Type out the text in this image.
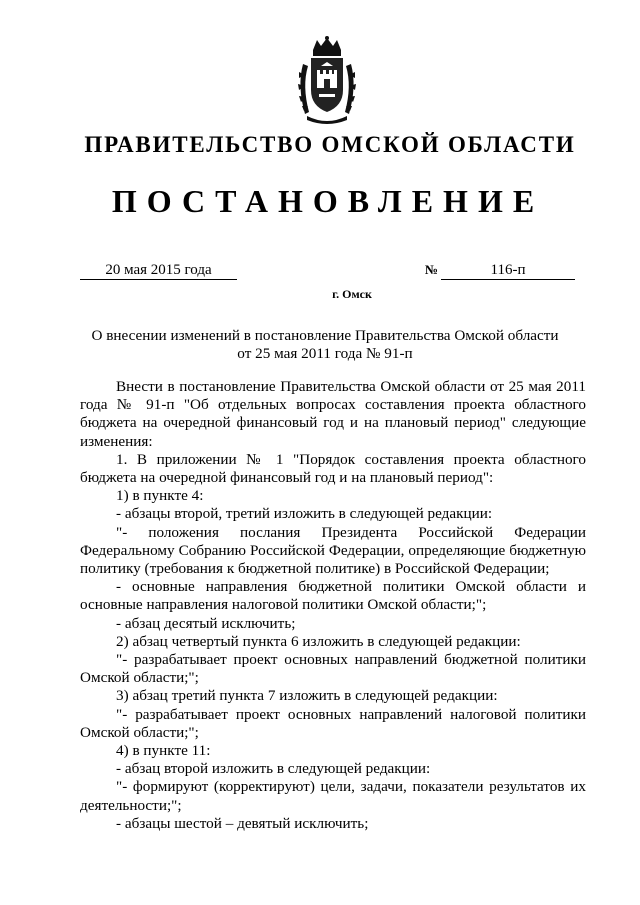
ПРАВИТЕЛЬСТВО ОМСКОЙ ОБЛАСТИ
ПОСТАНОВЛЕНИЕ
20 мая 2015 года	№	116-п
г. Омск
О внесении изменений в постановление Правительства Омской области
от 25 мая 2011 года № 91-п

Внести в постановление Правительства Омской области от 25 мая 2011 года № 91-п "Об отдельных вопросах составления проекта областного бюджета на очередной финансовый год и на плановый период" следующие изменения:

1. В приложении № 1 "Порядок составления проекта областного бюджета на очередной финансовый год и на плановый период":

1) в пункте 4:

- абзацы второй, третий изложить в следующей редакции:

"- положения послания Президента Российской Федерации Федеральному Собранию Российской Федерации, определяющие бюджетную политику (требования к бюджетной политике) в Российской Федерации;

- основные направления бюджетной политики Омской области и основные направления налоговой политики Омской области;";

- абзац десятый исключить;

2) абзац четвертый пункта 6 изложить в следующей редакции:

"- разрабатывает проект основных направлений бюджетной политики Омской области;";

3) абзац третий пункта 7 изложить в следующей редакции:

"- разрабатывает проект основных направлений налоговой политики Омской области;";

4) в пункте 11:

- абзац второй изложить в следующей редакции:

"- формируют (корректируют) цели, задачи, показатели результатов их деятельности;";

- абзацы шестой – девятый исключить;
